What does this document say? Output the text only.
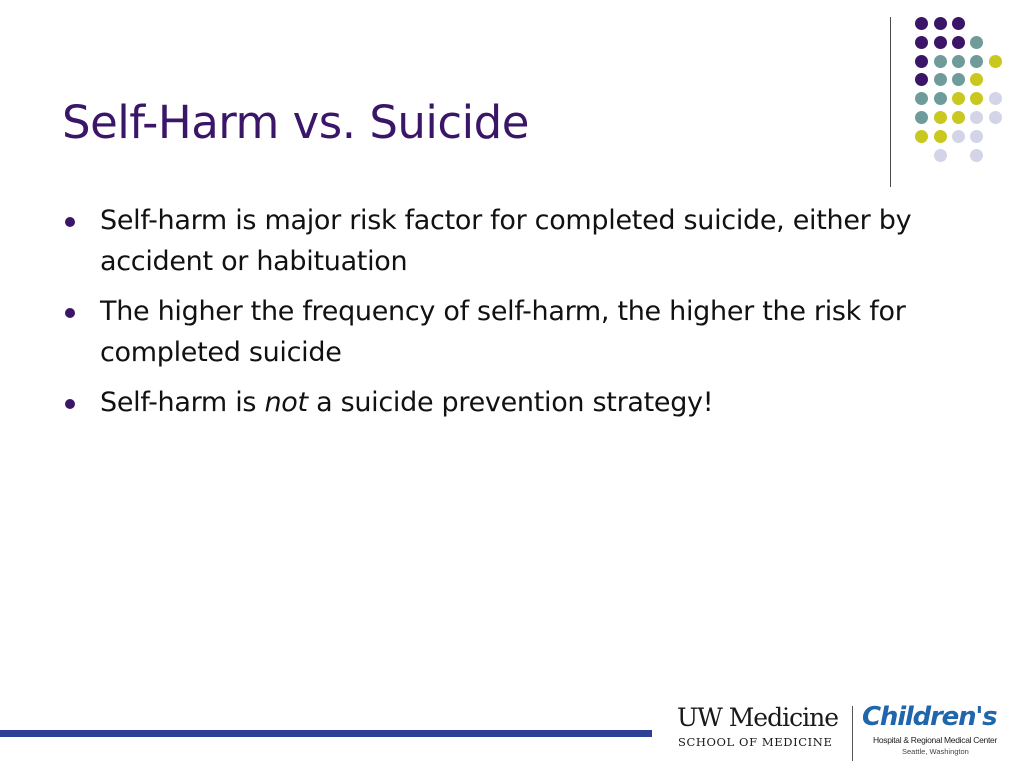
Self-Harm vs. Suicide
Self-harm is major risk factor for completed suicide, either by accident or habituation
The higher the frequency of self-harm, the higher the risk for completed suicide
Self-harm is not a suicide prevention strategy!
UW Medicine
SCHOOL OF MEDICINE
Children's
Hospital & Regional Medical Center
Seattle, Washington
